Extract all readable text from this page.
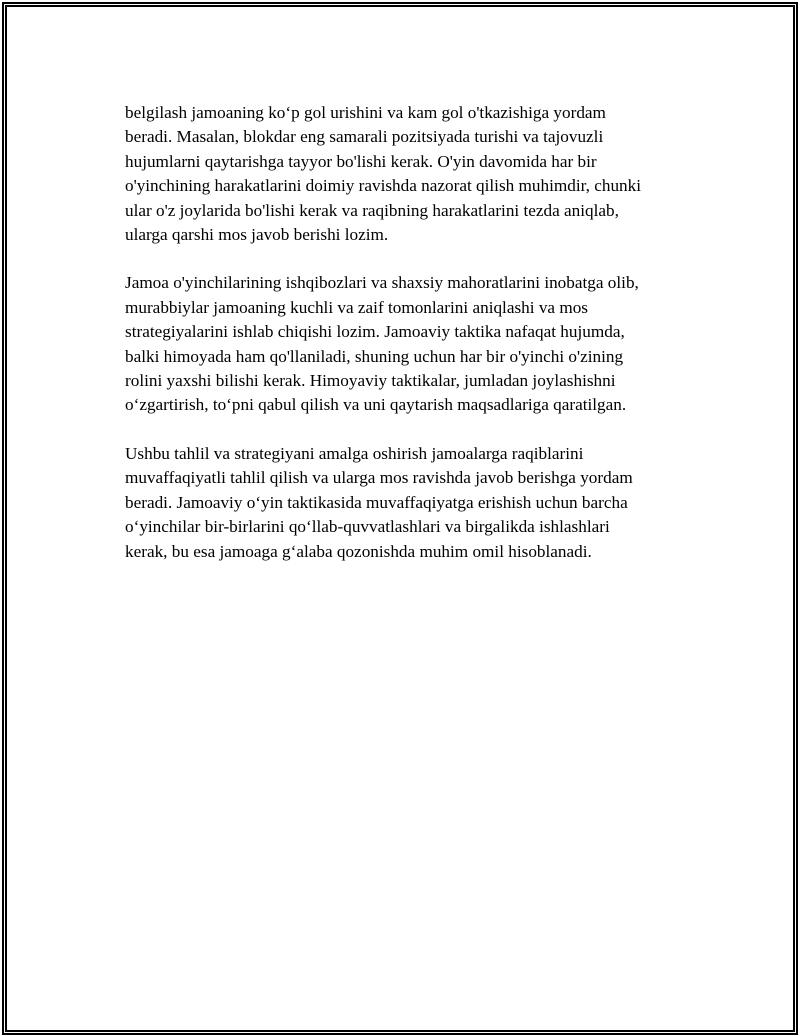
belgilash jamoaning ko‘p gol urishini va kam gol o'tkazishiga yordam
beradi. Masalan, blokdar eng samarali pozitsiyada turishi va tajovuzli
hujumlarni qaytarishga tayyor bo'lishi kerak. O'yin davomida har bir
o'yinchining harakatlarini doimiy ravishda nazorat qilish muhimdir, chunki
ular o'z joylarida bo'lishi kerak va raqibning harakatlarini tezda aniqlab,
ularga qarshi mos javob berishi lozim.

Jamoa o'yinchilarining ishqibozlari va shaxsiy mahoratlarini inobatga olib,
murabbiylar jamoaning kuchli va zaif tomonlarini aniqlashi va mos
strategiyalarini ishlab chiqishi lozim. Jamoaviy taktika nafaqat hujumda,
balki himoyada ham qo'llaniladi, shuning uchun har bir o'yinchi o'zining
rolini yaxshi bilishi kerak. Himoyaviy taktikalar, jumladan joylashishni
o‘zgartirish, to‘pni qabul qilish va uni qaytarish maqsadlariga qaratilgan.

Ushbu tahlil va strategiyani amalga oshirish jamoalarga raqiblarini
muvaffaqiyatli tahlil qilish va ularga mos ravishda javob berishga yordam
beradi. Jamoaviy o‘yin taktikasida muvaffaqiyatga erishish uchun barcha
o‘yinchilar bir-birlarini qo‘llab-quvvatlashlari va birgalikda ishlashlari
kerak, bu esa jamoaga g‘alaba qozonishda muhim omil hisoblanadi.
